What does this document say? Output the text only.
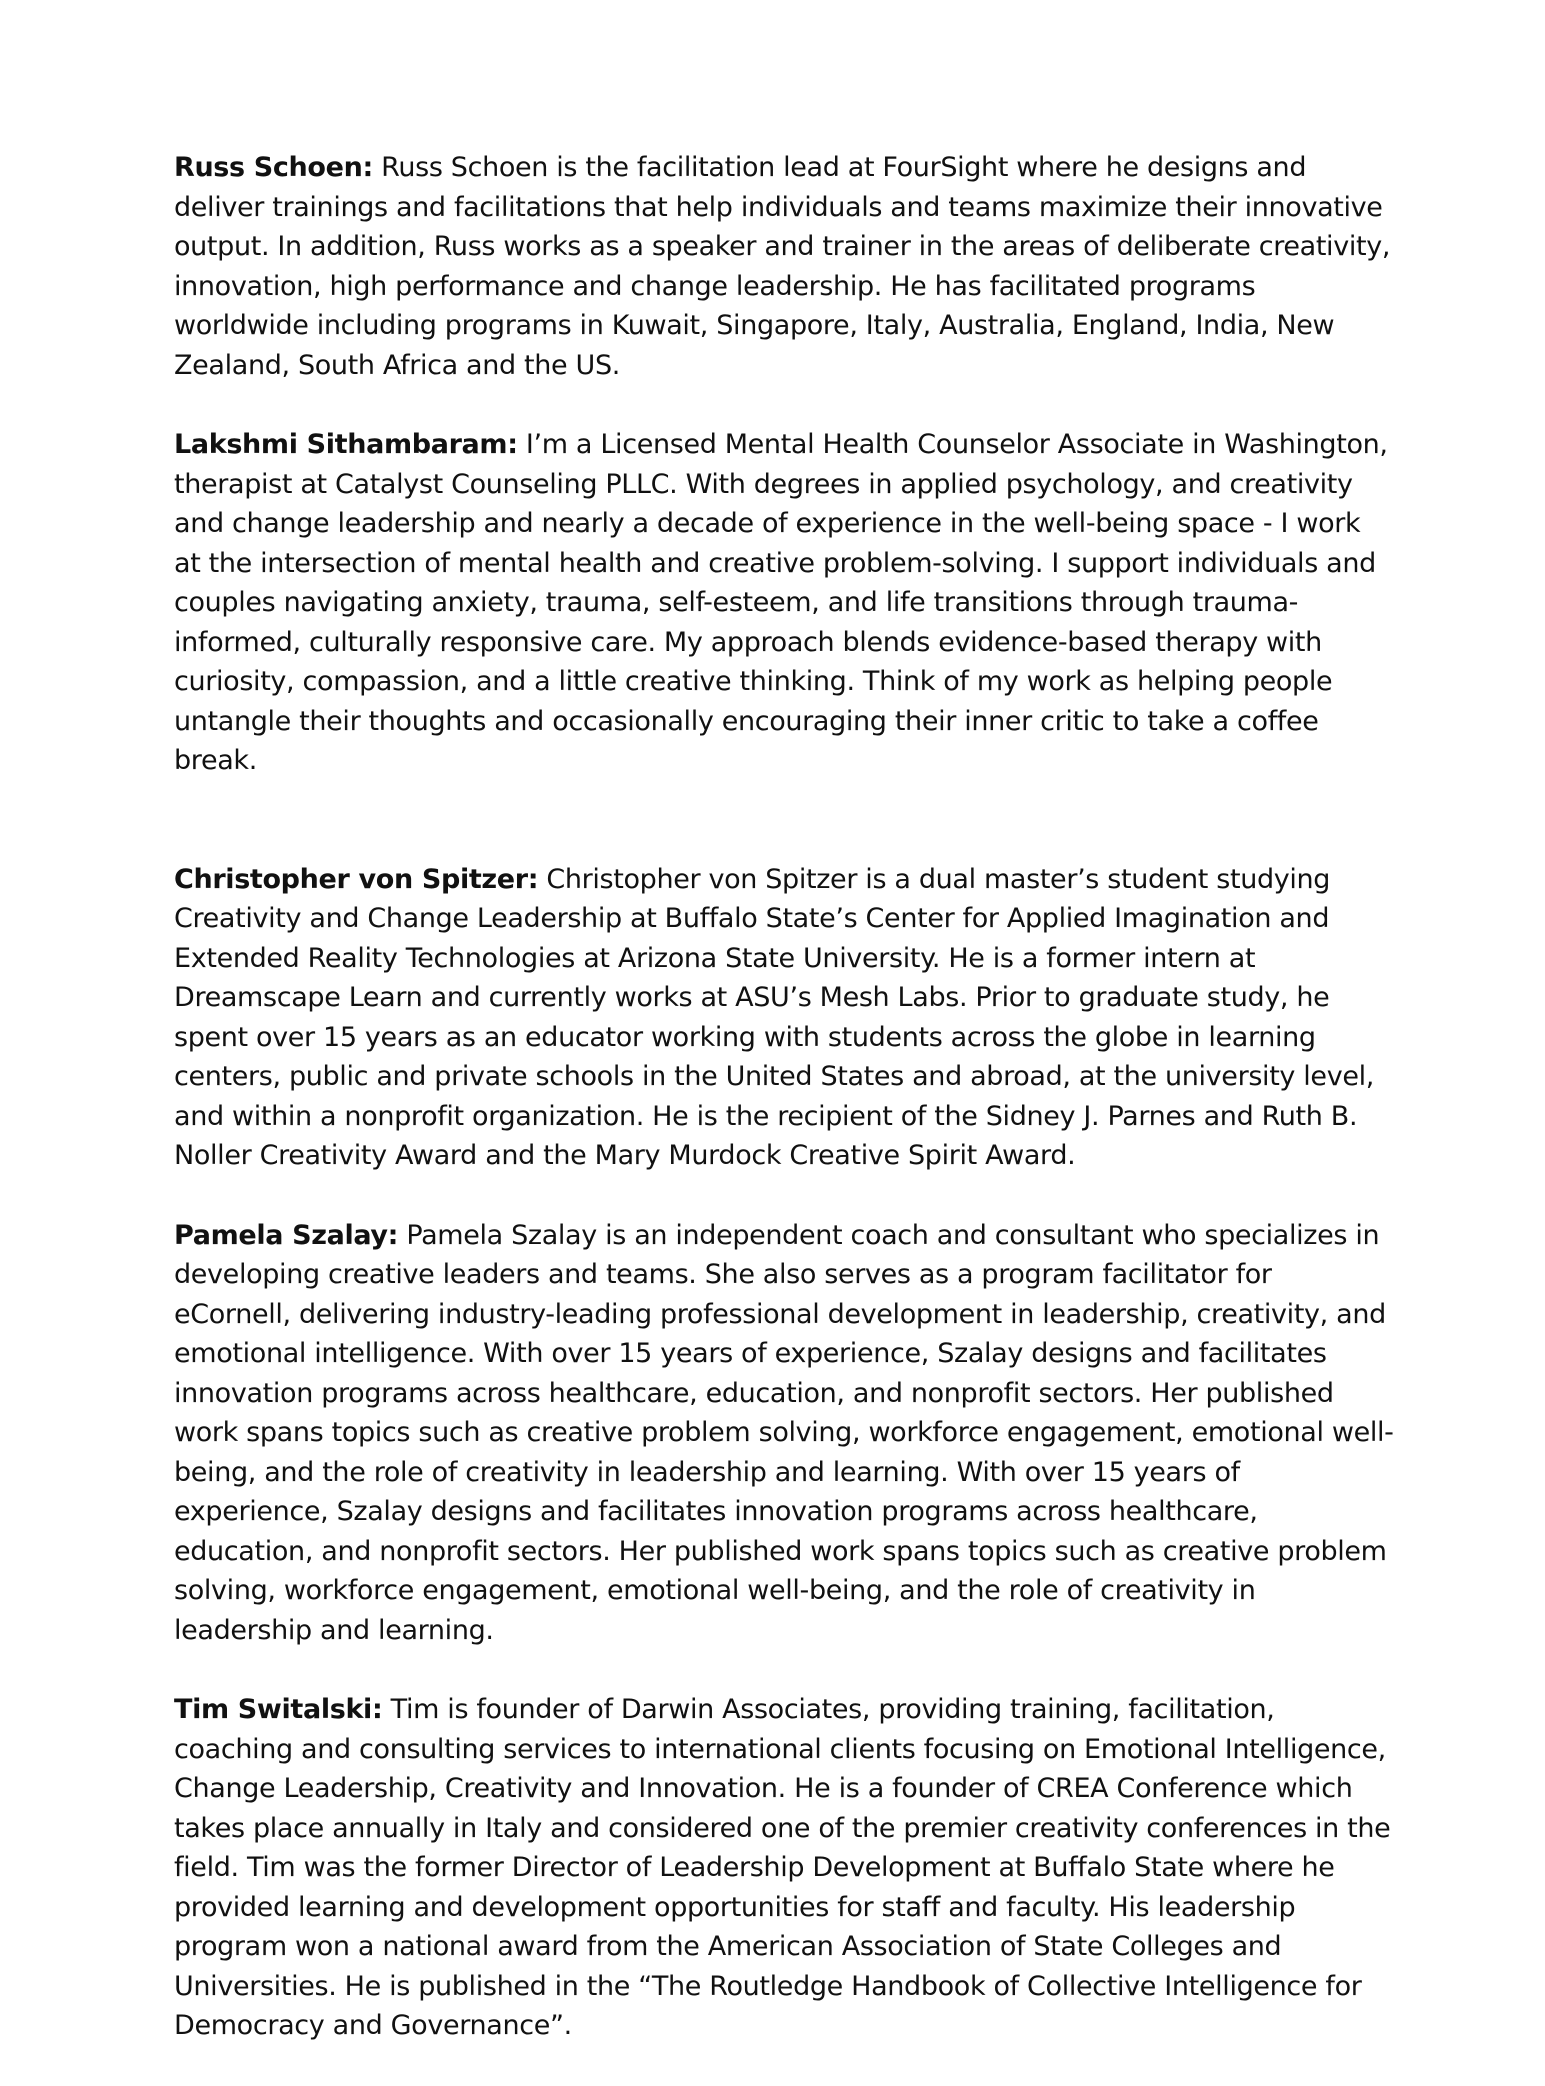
Russ Schoen: Russ Schoen is the facilitation lead at FourSight where he designs and deliver trainings and facilitations that help individuals and teams maximize their innovative output. In addition, Russ works as a speaker and trainer in the areas of deliberate creativity, innovation, high performance and change leadership. He has facilitated programs worldwide including programs in Kuwait, Singapore, Italy, Australia, England, India, New Zealand, South Africa and the US.

Lakshmi Sithambaram: I’m a Licensed Mental Health Counselor Associate in Washington, therapist at Catalyst Counseling PLLC. With degrees in applied psychology, and creativity and change leadership and nearly a decade of experience in the well-being space - I work at the intersection of mental health and creative problem-solving. I support individuals and couples navigating anxiety, trauma, self-esteem, and life transitions through trauma-informed, culturally responsive care. My approach blends evidence-based therapy with curiosity, compassion, and a little creative thinking. Think of my work as helping people untangle their thoughts and occasionally encouraging their inner critic to take a coffee break.

Christopher von Spitzer: Christopher von Spitzer is a dual master’s student studying Creativity and Change Leadership at Buffalo State’s Center for Applied Imagination and Extended Reality Technologies at Arizona State University. He is a former intern at Dreamscape Learn and currently works at ASU’s Mesh Labs. Prior to graduate study, he spent over 15 years as an educator working with students across the globe in learning centers, public and private schools in the United States and abroad, at the university level, and within a nonprofit organization. He is the recipient of the Sidney J. Parnes and Ruth B. Noller Creativity Award and the Mary Murdock Creative Spirit Award.

Pamela Szalay: Pamela Szalay is an independent coach and consultant who specializes in developing creative leaders and teams. She also serves as a program facilitator for eCornell, delivering industry-leading professional development in leadership, creativity, and emotional intelligence. With over 15 years of experience, Szalay designs and facilitates innovation programs across healthcare, education, and nonprofit sectors. Her published work spans topics such as creative problem solving, workforce engagement, emotional well-being, and the role of creativity in leadership and learning. With over 15 years of experience, Szalay designs and facilitates innovation programs across healthcare, education, and nonprofit sectors. Her published work spans topics such as creative problem solving, workforce engagement, emotional well-being, and the role of creativity in leadership and learning.

Tim Switalski: Tim is founder of Darwin Associates, providing training, facilitation, coaching and consulting services to international clients focusing on Emotional Intelligence, Change Leadership, Creativity and Innovation. He is a founder of CREA Conference which takes place annually in Italy and considered one of the premier creativity conferences in the field. Tim was the former Director of Leadership Development at Buffalo State where he provided learning and development opportunities for staff and faculty. His leadership program won a national award from the American Association of State Colleges and Universities. He is published in the “The Routledge Handbook of Collective Intelligence for Democracy and Governance”.
